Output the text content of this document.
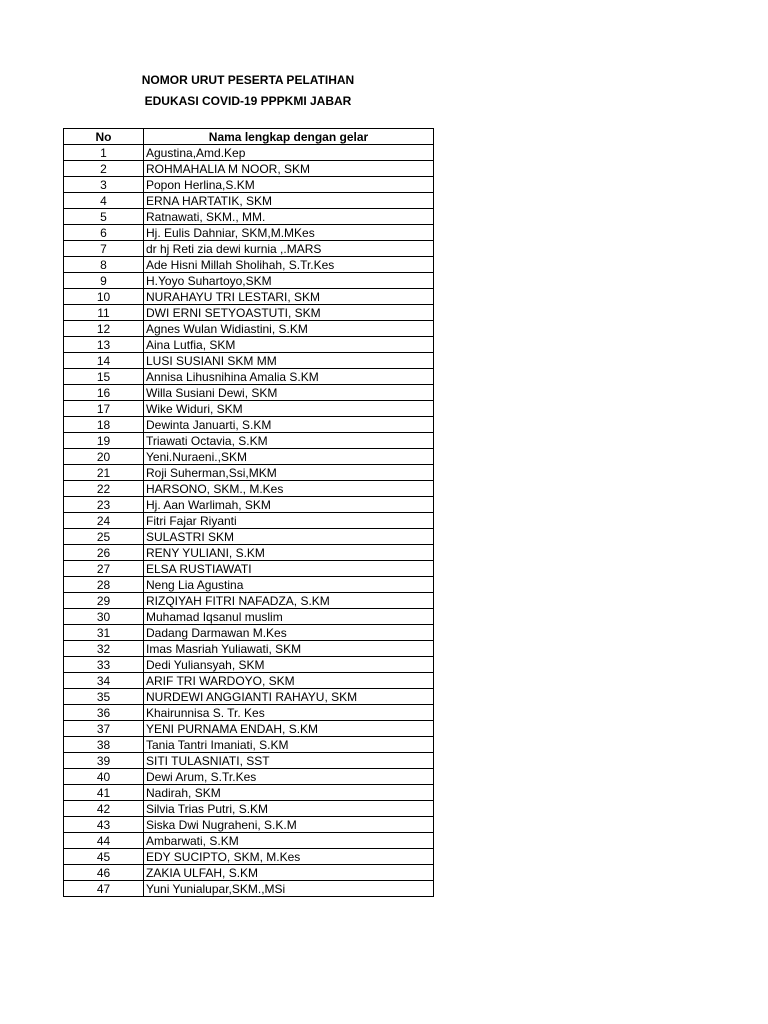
NOMOR URUT PESERTA PELATIHAN
EDUKASI COVID-19 PPPKMI JABAR
No	Nama lengkap dengan gelar
1	Agustina,Amd.Kep
2	ROHMAHALIA M NOOR, SKM
3	Popon Herlina,S.KM
4	ERNA HARTATIK, SKM
5	Ratnawati, SKM., MM.
6	Hj. Eulis Dahniar, SKM,M.MKes
7	dr hj Reti zia dewi kurnia ,.MARS
8	Ade Hisni Millah Sholihah, S.Tr.Kes
9	H.Yoyo Suhartoyo,SKM
10	NURAHAYU TRI LESTARI, SKM
11	DWI ERNI SETYOASTUTI, SKM
12	Agnes Wulan Widiastini, S.KM
13	Aina Lutfia, SKM
14	LUSI SUSIANI SKM MM
15	Annisa Lihusnihina Amalia S.KM
16	Willa Susiani Dewi, SKM
17	Wike Widuri, SKM
18	Dewinta Januarti, S.KM
19	Triawati Octavia, S.KM
20	Yeni.Nuraeni.,SKM
21	Roji Suherman,Ssi,MKM
22	HARSONO, SKM., M.Kes
23	Hj. Aan Warlimah, SKM
24	Fitri Fajar Riyanti
25	SULASTRI SKM
26	RENY YULIANI, S.KM
27	ELSA RUSTIAWATI
28	Neng Lia Agustina
29	RIZQIYAH FITRI NAFADZA, S.KM
30	Muhamad Iqsanul muslim
31	Dadang Darmawan M.Kes
32	Imas Masriah Yuliawati, SKM
33	Dedi Yuliansyah, SKM
34	ARIF TRI WARDOYO, SKM
35	NURDEWI ANGGIANTI RAHAYU, SKM
36	Khairunnisa S. Tr. Kes
37	YENI PURNAMA ENDAH, S.KM
38	Tania Tantri Imaniati, S.KM
39	SITI TULASNIATI, SST
40	Dewi Arum, S.Tr.Kes
41	Nadirah, SKM
42	Silvia Trias Putri, S.KM
43	Siska Dwi Nugraheni, S.K.M
44	Ambarwati, S.KM
45	EDY SUCIPTO, SKM, M.Kes
46	ZAKIA ULFAH, S.KM
47	Yuni Yunialupar,SKM.,MSi
